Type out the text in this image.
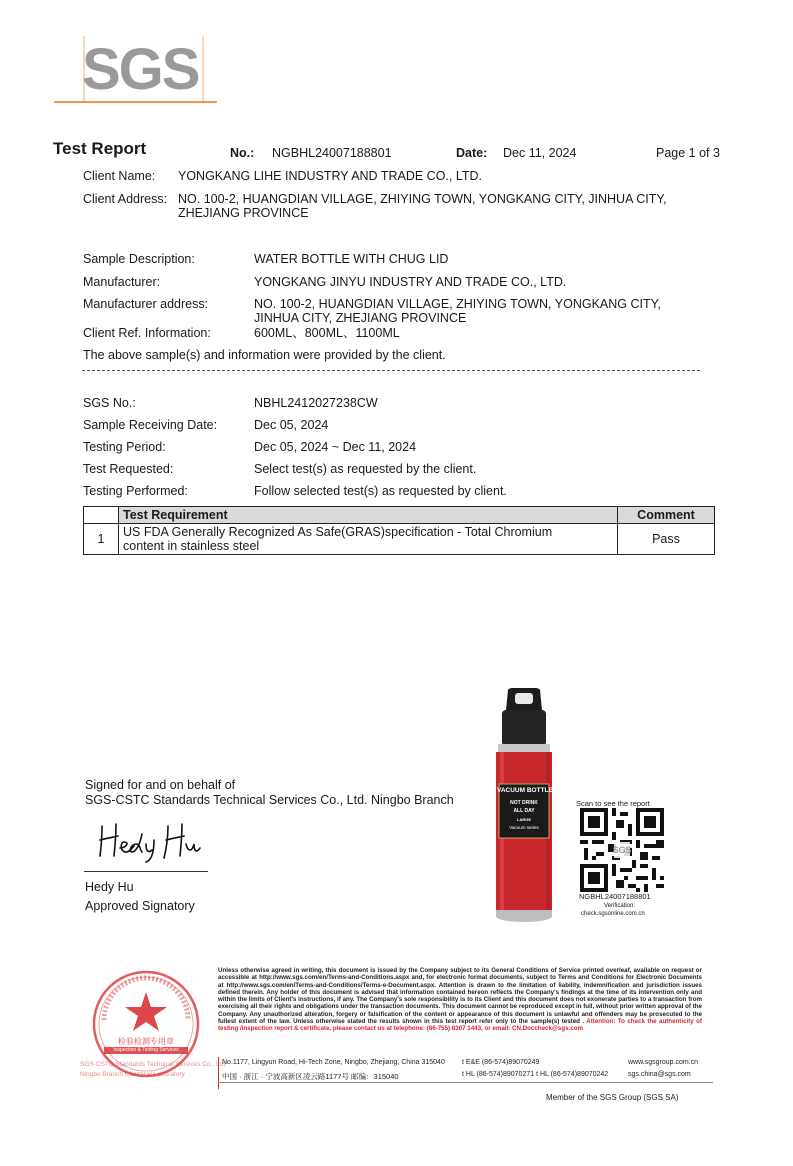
SGS
Test Report	No.: NGBHL24007188801	Date: Dec 11, 2024	Page 1 of 3
Client Name: YONGKANG LIHE INDUSTRY AND TRADE CO., LTD.
Client Address: NO. 100-2, HUANGDIAN VILLAGE, ZHIYING TOWN, YONGKANG CITY, JINHUA CITY,
ZHEJIANG PROVINCE
Sample Description:	WATER BOTTLE WITH CHUG LID
Manufacturer:	YONGKANG JINYU INDUSTRY AND TRADE CO., LTD.
Manufacturer address:	NO. 100-2, HUANGDIAN VILLAGE, ZHIYING TOWN, YONGKANG CITY,
JINHUA CITY, ZHEJIANG PROVINCE
Client Ref. Information:	600ML、800ML、1100ML
The above sample(s) and information were provided by the client.
SGS No.:	NBHL2412027238CW
Sample Receiving Date:	Dec 05, 2024
Testing Period:	Dec 05, 2024 ~ Dec 11, 2024
Test Requested:	Select test(s) as requested by the client.
Testing Performed:	Follow selected test(s) as requested by client.
	Test Requirement	Comment
1	US FDA Generally Recognized As Safe(GRAS)specification - Total Chromium
content in stainless steel	Pass
Signed for and on behalf of
SGS-CSTC Standards Technical Services Co., Ltd. Ningbo Branch
Hedy Hu
Approved Signatory
VACUUM BOTTLE
NOT DRINK
ALL DAY
LARGE
Vacuum series
Scan to see the report
SGS
NGBHL24007188801
Verification:
check.sgsonline.com.cn
检验检测专用章
Inspection & Testing Services
SGS-CSTC Standards Technical Services Co., Ltd.
Ningbo Branch Chemical Laboratory
Unless otherwise agreed in writing, this document is issued by the Company subject to its General Conditions of Service printed overleaf, available on request or accessible at http://www.sgs.com/en/Terms-and-Conditions.aspx and, for electronic format documents, subject to Terms and Conditions for Electronic Documents at http://www.sgs.com/en/Terms-and-Conditions/Terms-e-Document.aspx. Attention is drawn to the limitation of liability, indemnification and jurisdiction issues defined therein. Any holder of this document is advised that information contained hereon reflects the Company's findings at the time of its intervention only and within the limits of Client's instructions, if any. The Company's sole responsibility is to its Client and this document does not exonerate parties to a transaction from exercising all their rights and obligations under the transaction documents. This document cannot be reproduced except in full, without prior written approval of the Company. Any unauthorized alteration, forgery or falsification of the content or appearance of this document is unlawful and offenders may be prosecuted to the fullest extent of the law. Unless otherwise stated the results shown in this test report refer only to the sample(s) tested . Attention: To check the authenticity of testing /inspection report & certificate, please contact us at telephone: (86-755) 8307 1443, or email: CN.Doccheck@sgs.com
No.1177, Lingyun Road, Hi-Tech Zone, Ningbo, Zhejiang, China 315040 t E&E (86-574)89070249	www.sgsgroup.com.cn
中国 · 浙江 · 宁波高新区凌云路1177号 邮编：315040	t HL (86-574)89070271 t HL (86-574)89070242	sgs.china@sgs.com
Member of the SGS Group (SGS SA)
